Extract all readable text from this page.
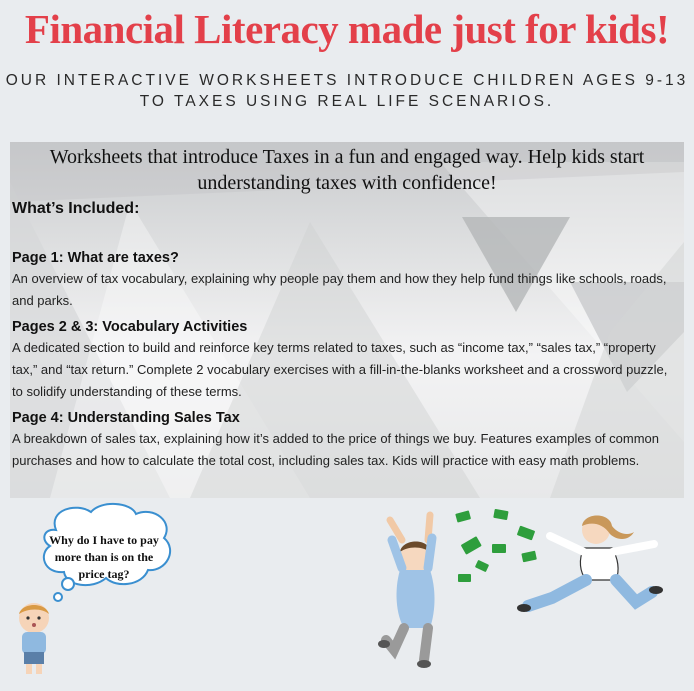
Financial Literacy made just for kids!
OUR INTERACTIVE WORKSHEETS INTRODUCE CHILDREN AGES 9-13
TO TAXES USING REAL LIFE SCENARIOS.
Worksheets that introduce Taxes in a fun and engaged way. Help kids start
understanding taxes with confidence!
What’s Included:
Page 1: What are taxes?
An overview of tax vocabulary, explaining why people pay them and how they help fund things like schools, roads, and parks.
Pages 2 & 3: Vocabulary Activities
A dedicated section to build and reinforce key terms related to taxes, such as “income tax,” “sales tax,” “property tax,” and “tax return.” Complete 2 vocabulary exercises with a fill-in-the-blanks worksheet and a crossword puzzle, to solidify understanding of these terms.
Page 4: Understanding Sales Tax
A breakdown of sales tax, explaining how it’s added to the price of things we buy. Features examples of common purchases and how to calculate the total cost, including sales tax. Kids will practice with easy math problems.
Why do I have to pay
more than is on the
price tag?
